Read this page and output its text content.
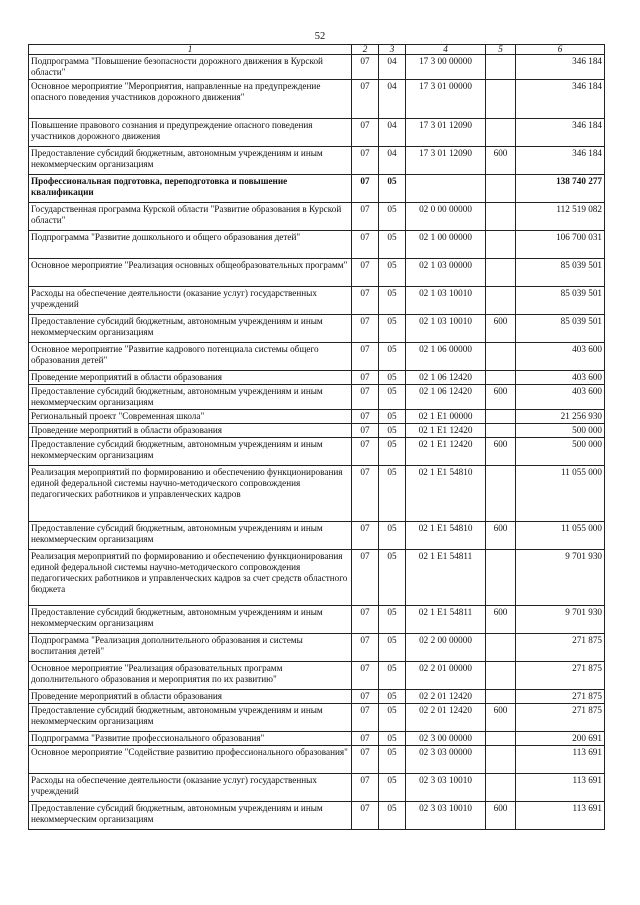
52
1	2	3	4	5	6
Подпрограмма "Повышение безопасности дорожного движения в Курской области"	07	04	17 3 00 00000		346 184
Основное мероприятие "Мероприятия, направленные на предупреждение опасного поведения участников дорожного движения"	07	04	17 3 01 00000		346 184
Повышение правового сознания и предупреждение опасного поведения участников дорожного движения	07	04	17 3 01 12090		346 184
Предоставление субсидий бюджетным, автономным учреждениям и иным некоммерческим организациям	07	04	17 3 01 12090	600	346 184
Профессиональная подготовка, переподготовка и повышение квалификации	07	05			138 740 277
Государственная программа Курской области "Развитие образования в Курской области"	07	05	02 0 00 00000		112 519 082
Подпрограмма "Развитие дошкольного и общего образования детей"	07	05	02 1 00 00000		106 700 031
Основное мероприятие "Реализация основных общеобразовательных программ"	07	05	02 1 03 00000		85 039 501
Расходы на обеспечение деятельности (оказание услуг) государственных учреждений	07	05	02 1 03 10010		85 039 501
Предоставление субсидий бюджетным, автономным учреждениям и иным некоммерческим организациям	07	05	02 1 03 10010	600	85 039 501
Основное мероприятие "Развитие кадрового потенциала системы общего образования детей"	07	05	02 1 06 00000		403 600
Проведение мероприятий в области образования	07	05	02 1 06 12420		403 600
Предоставление субсидий бюджетным, автономным учреждениям и иным некоммерческим организациям	07	05	02 1 06 12420	600	403 600
Региональный проект "Современная школа"	07	05	02 1 E1 00000		21 256 930
Проведение мероприятий в области образования	07	05	02 1 E1 12420		500 000
Предоставление субсидий бюджетным, автономным учреждениям и иным некоммерческим организациям	07	05	02 1 E1 12420	600	500 000
Реализация мероприятий по формированию и обеспечению функционирования единой федеральной системы научно-методического сопровождения педагогических работников и управленческих кадров	07	05	02 1 E1 54810		11 055 000
Предоставление субсидий бюджетным, автономным учреждениям и иным некоммерческим организациям	07	05	02 1 E1 54810	600	11 055 000
Реализация мероприятий по формированию и обеспечению функционирования единой федеральной системы научно-методического сопровождения педагогических работников и управленческих кадров за счет средств областного бюджета	07	05	02 1 E1 54811		9 701 930
Предоставление субсидий бюджетным, автономным учреждениям и иным некоммерческим организациям	07	05	02 1 E1 54811	600	9 701 930
Подпрограмма "Реализация дополнительного образования и системы воспитания детей"	07	05	02 2 00 00000		271 875
Основное мероприятие "Реализация образовательных программ дополнительного образования и мероприятия по их развитию"	07	05	02 2 01 00000		271 875
Проведение мероприятий в области образования	07	05	02 2 01 12420		271 875
Предоставление субсидий бюджетным, автономным учреждениям и иным некоммерческим организациям	07	05	02 2 01 12420	600	271 875
Подпрограмма "Развитие профессионального образования"	07	05	02 3 00 00000		200 691
Основное мероприятие "Содействие развитию профессионального образования"	07	05	02 3 03 00000		113 691
Расходы на обеспечение деятельности (оказание услуг) государственных учреждений	07	05	02 3 03 10010		113 691
Предоставление субсидий бюджетным, автономным учреждениям и иным некоммерческим организациям	07	05	02 3 03 10010	600	113 691
